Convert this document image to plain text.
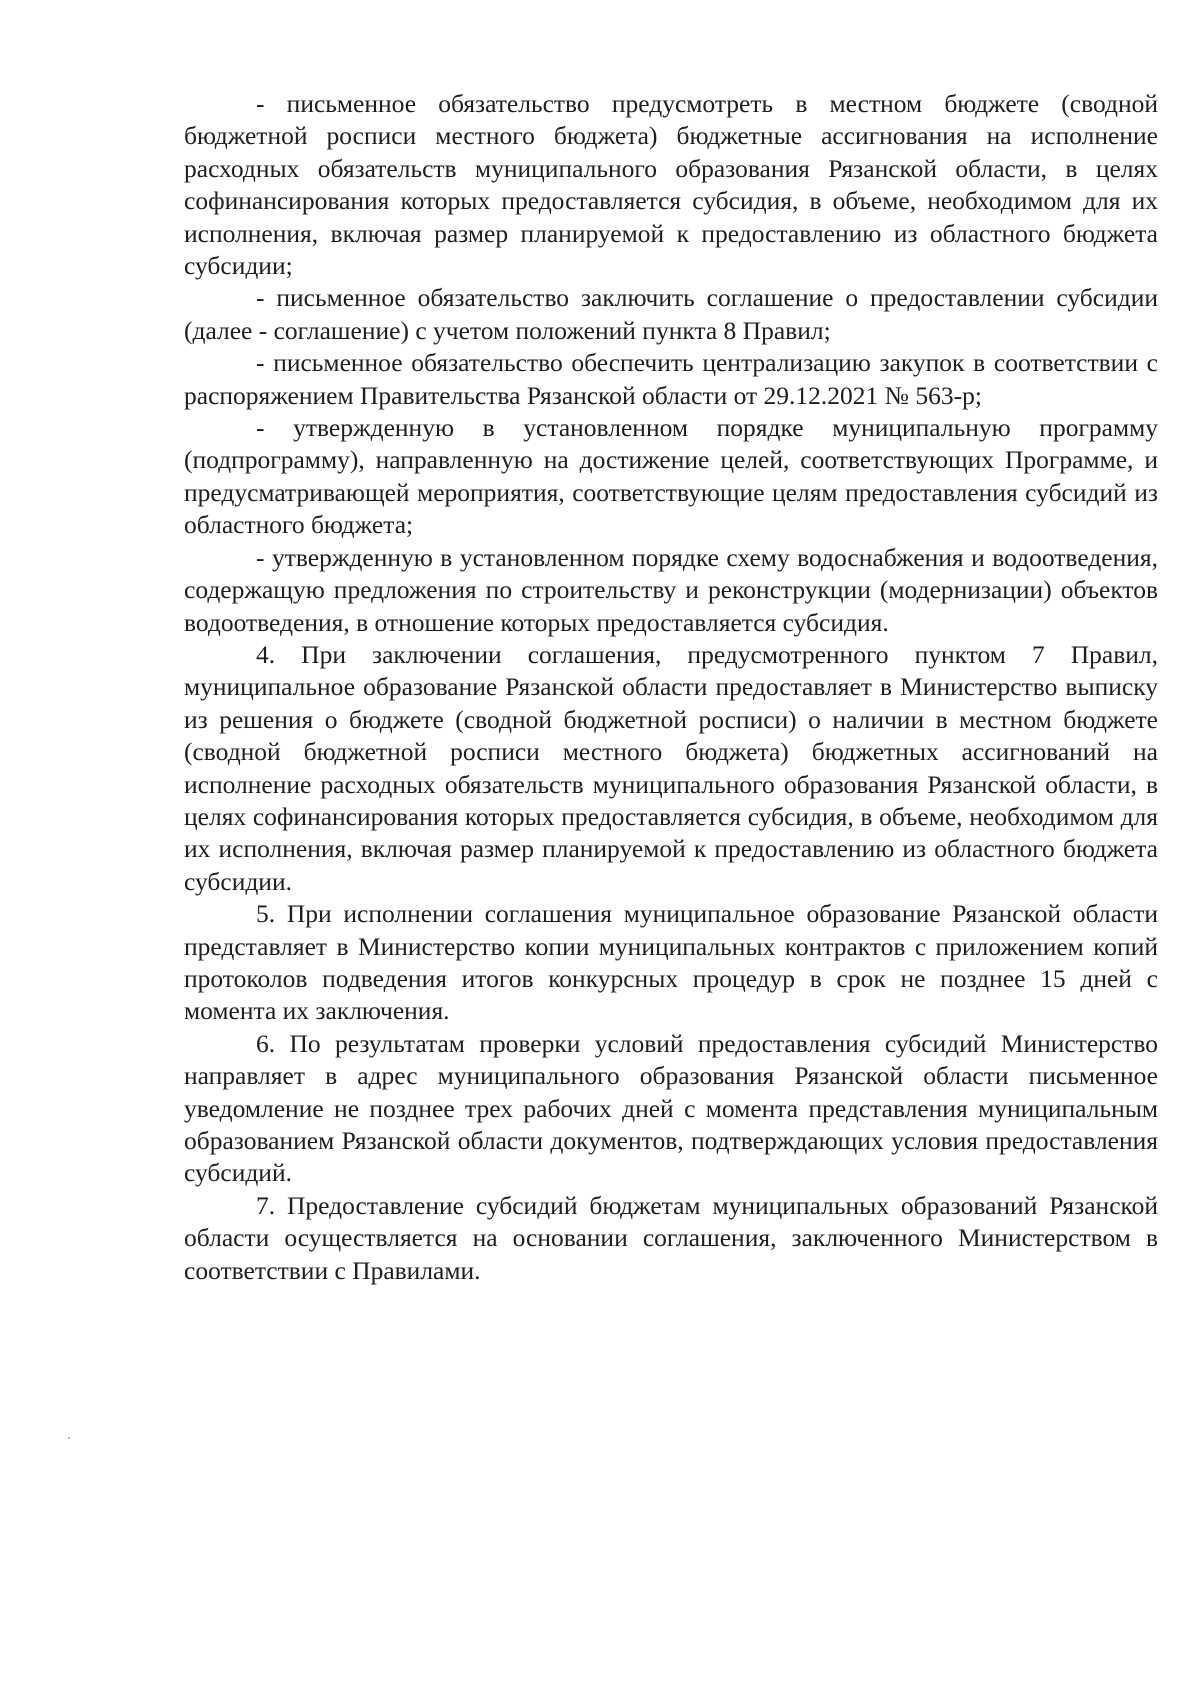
- письменное обязательство предусмотреть в местном бюджете (сводной бюджетной росписи местного бюджета) бюджетные ассигнования на исполнение расходных обязательств муниципального образования Рязанской области, в целях софинансирования которых предоставляется субсидия, в объеме, необходимом для их исполнения, включая размер планируемой к предоставлению из областного бюджета субсидии;

- письменное обязательство заключить соглашение о предоставлении субсидии (далее - соглашение) с учетом положений пункта 8 Правил;

- письменное обязательство обеспечить централизацию закупок в соответствии с распоряжением Правительства Рязанской области от 29.12.2021 № 563-р;

- утвержденную в установленном порядке муниципальную программу (подпрограмму), направленную на достижение целей, соответствующих Программе, и предусматривающей мероприятия, соответствующие целям предоставления субсидий из областного бюджета;

- утвержденную в установленном порядке схему водоснабжения и водоотведения, содержащую предложения по строительству и реконструкции (модернизации) объектов водоотведения, в отношение которых предоставляется субсидия.

4. При заключении соглашения, предусмотренного пунктом 7 Правил, муниципальное образование Рязанской области предоставляет в Министерство выписку из решения о бюджете (сводной бюджетной росписи) о наличии в местном бюджете (сводной бюджетной росписи местного бюджета) бюджетных ассигнований на исполнение расходных обязательств муниципального образования Рязанской области, в целях софинансирования которых предоставляется субсидия, в объеме, необходимом для их исполнения, включая размер планируемой к предоставлению из областного бюджета субсидии.

5. При исполнении соглашения муниципальное образование Рязанской области представляет в Министерство копии муниципальных контрактов с приложением копий протоколов подведения итогов конкурсных процедур в срок не позднее 15 дней с момента их заключения.

6. По результатам проверки условий предоставления субсидий Министерство направляет в адрес муниципального образования Рязанской области письменное уведомление не позднее трех рабочих дней с момента представления муниципальным образованием Рязанской области документов, подтверждающих условия предоставления субсидий.

7. Предоставление субсидий бюджетам муниципальных образований Рязанской области осуществляется на основании соглашения, заключенного Министерством в соответствии с Правилами.
